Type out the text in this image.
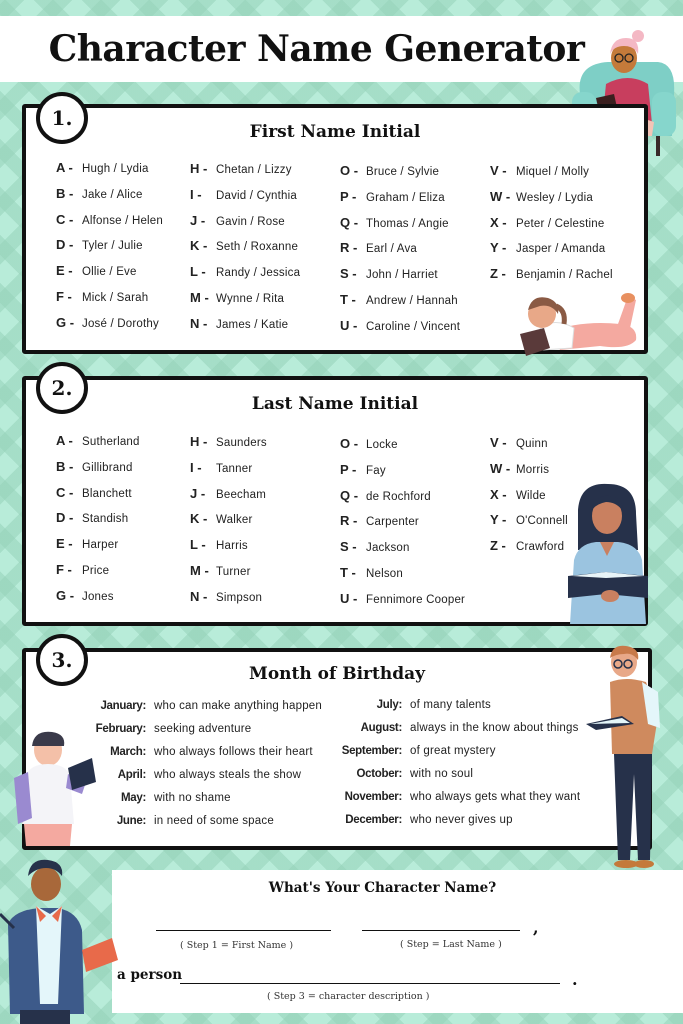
Character Name Generator
First Name Initial
A - Hugh / Lydia
B - Jake / Alice
C - Alfonse / Helen
D - Tyler / Julie
E - Ollie / Eve
F - Mick / Sarah
G - José / Dorothy
H - Chetan / Lizzy
I -	David / Cynthia
J - Gavin / Rose
K - Seth / Roxanne
L - Randy / Jessica
M - Wynne / Rita
N - James / Katie
O - Bruce / Sylvie
P - Graham / Eliza
Q - Thomas / Angie
R - Earl / Ava
S - John / Harriet
T - Andrew / Hannah
U - Caroline / Vincent
V - Miquel / Molly
W - Wesley / Lydia
X - Peter / Celestine
Y - Jasper / Amanda
Z - Benjamin / Rachel
1.
Last Name Initial
A - Sutherland
B - Gillibrand
C - Blanchett
D - Standish
E - Harper
F - Price
G - Jones
H - Saunders
I -	Tanner
J - Beecham
K - Walker
L - Harris
M - Turner
N - Simpson
O - Locke
P - Fay
Q - de Rochford
R - Carpenter
S - Jackson
T - Nelson
U - Fennimore Cooper
V - Quinn
W - Morris
X - Wilde
Y - O'Connell
Z - Crawford
2.
Month of Birthday
January: who can make anything happen
February: seeking adventure
March: who always follows their heart
April: who always steals the show
May: with no shame
June: in need of some space
July: of many talents
August: always in the know about things
September: of great mystery
October: with no soul
November: who always gets what they want
December: who never gives up
3.
What's Your Character Name?
( Step 1 = First Name )
,
( Step = Last Name )
a person	.
( Step 3 = character description )
